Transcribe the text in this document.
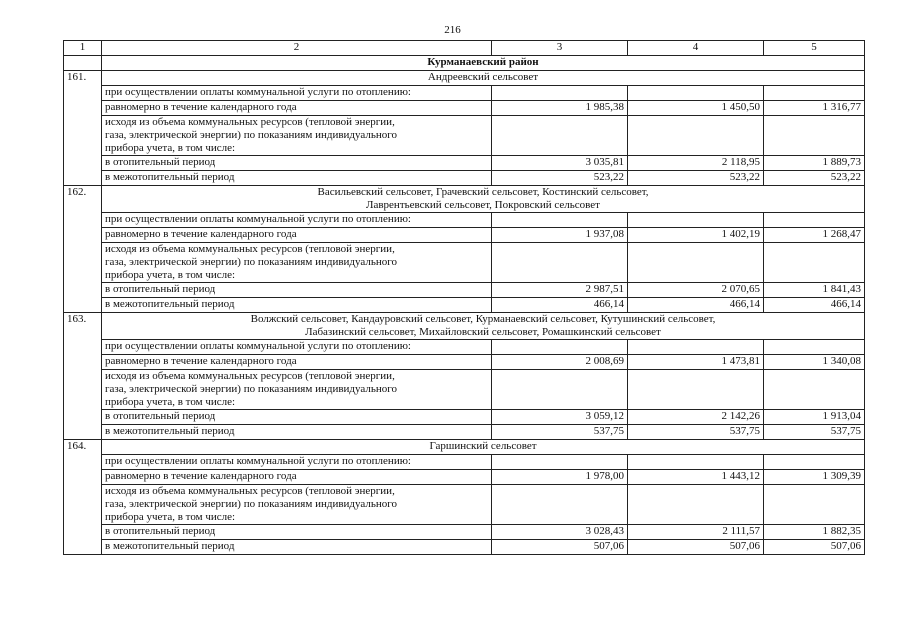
216
1	2	3	4	5
	Курманаевский район			
161.	Андреевский сельсовет			
	при осуществлении оплаты коммунальной услуги по отоплению:			
	равномерно в течение календарного года	1 985,38	1 450,50	1 316,77
	исходя из объема коммунальных ресурсов (тепловой энергии,
газа, электрической энергии) по показаниям индивидуального
прибора учета, в том числе:			
	в отопительный период	3 035,81	2 118,95	1 889,73
	в межотопительный период	523,22	523,22	523,22
162.	Васильевский сельсовет, Грачевский сельсовет, Костинский сельсовет,
Лаврентьевский сельсовет, Покровский сельсовет			
	при осуществлении оплаты коммунальной услуги по отоплению:			
	равномерно в течение календарного года	1 937,08	1 402,19	1 268,47
	исходя из объема коммунальных ресурсов (тепловой энергии,
газа, электрической энергии) по показаниям индивидуального
прибора учета, в том числе:			
	в отопительный период	2 987,51	2 070,65	1 841,43
	в межотопительный период	466,14	466,14	466,14
163.	Волжский сельсовет, Кандауровский сельсовет, Курманаевский сельсовет, Кутушинский сельсовет,
Лабазинский сельсовет, Михайловский сельсовет, Ромашкинский сельсовет			
	при осуществлении оплаты коммунальной услуги по отоплению:			
	равномерно в течение календарного года	2 008,69	1 473,81	1 340,08
	исходя из объема коммунальных ресурсов (тепловой энергии,
газа, электрической энергии) по показаниям индивидуального
прибора учета, в том числе:			
	в отопительный период	3 059,12	2 142,26	1 913,04
	в межотопительный период	537,75	537,75	537,75
164.	Гаршинский сельсовет			
	при осуществлении оплаты коммунальной услуги по отоплению:			
	равномерно в течение календарного года	1 978,00	1 443,12	1 309,39
	исходя из объема коммунальных ресурсов (тепловой энергии,
газа, электрической энергии) по показаниям индивидуального
прибора учета, в том числе:			
	в отопительный период	3 028,43	2 111,57	1 882,35
	в межотопительный период	507,06	507,06	507,06
